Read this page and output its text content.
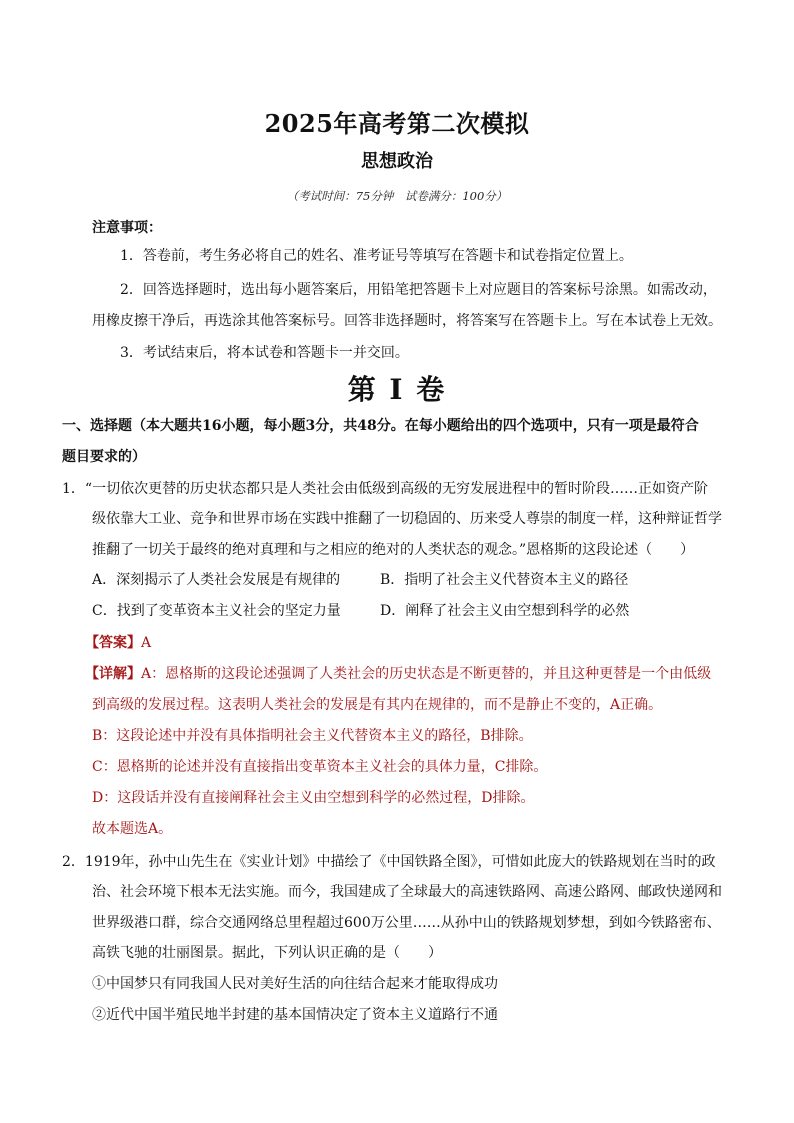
2025年高考第二次模拟
思想政治
（考试时间：75分钟　试卷满分：100分）
注意事项：
1．答卷前，考生务必将自己的姓名、准考证号等填写在答题卡和试卷指定位置上。
2．回答选择题时，选出每小题答案后，用铅笔把答题卡上对应题目的答案标号涂黑。如需改动，
用橡皮擦干净后，再选涂其他答案标号。回答非选择题时，将答案写在答题卡上。写在本试卷上无效。
3．考试结束后，将本试卷和答题卡一并交回。
第 I 卷
一、选择题（本大题共16小题，每小题3分，共48分。在每小题给出的四个选项中，只有一项是最符合
题目要求的）
1．“一切依次更替的历史状态都只是人类社会由低级到高级的无穷发展进程中的暂时阶段……正如资产阶
级依靠大工业、竞争和世界市场在实践中推翻了一切稳固的、历来受人尊崇的制度一样，这种辩证哲学
推翻了一切关于最终的绝对真理和与之相应的绝对的人类状态的观念。”恩格斯的这段论述（　　）
A．深刻揭示了人类社会发展是有规律的	B．指明了社会主义代替资本主义的路径
C．找到了变革资本主义社会的坚定力量	D．阐释了社会主义由空想到科学的必然
【答案】A
【详解】A：恩格斯的这段论述强调了人类社会的历史状态是不断更替的，并且这种更替是一个由低级
到高级的发展过程。这表明人类社会的发展是有其内在规律的，而不是静止不变的，A正确。
B：这段论述中并没有具体指明社会主义代替资本主义的路径，B排除。
C：恩格斯的论述并没有直接指出变革资本主义社会的具体力量，C排除。
D：这段话并没有直接阐释社会主义由空想到科学的必然过程，D排除。
故本题选A。
2．1919年，孙中山先生在《实业计划》中描绘了《中国铁路全图》，可惜如此庞大的铁路规划在当时的政
治、社会环境下根本无法实施。而今，我国建成了全球最大的高速铁路网、高速公路网、邮政快递网和
世界级港口群，综合交通网络总里程超过600万公里……从孙中山的铁路规划梦想，到如今铁路密布、
高铁飞驰的壮丽图景。据此，下列认识正确的是（　　）
①中国梦只有同我国人民对美好生活的向往结合起来才能取得成功
②近代中国半殖民地半封建的基本国情决定了资本主义道路行不通
